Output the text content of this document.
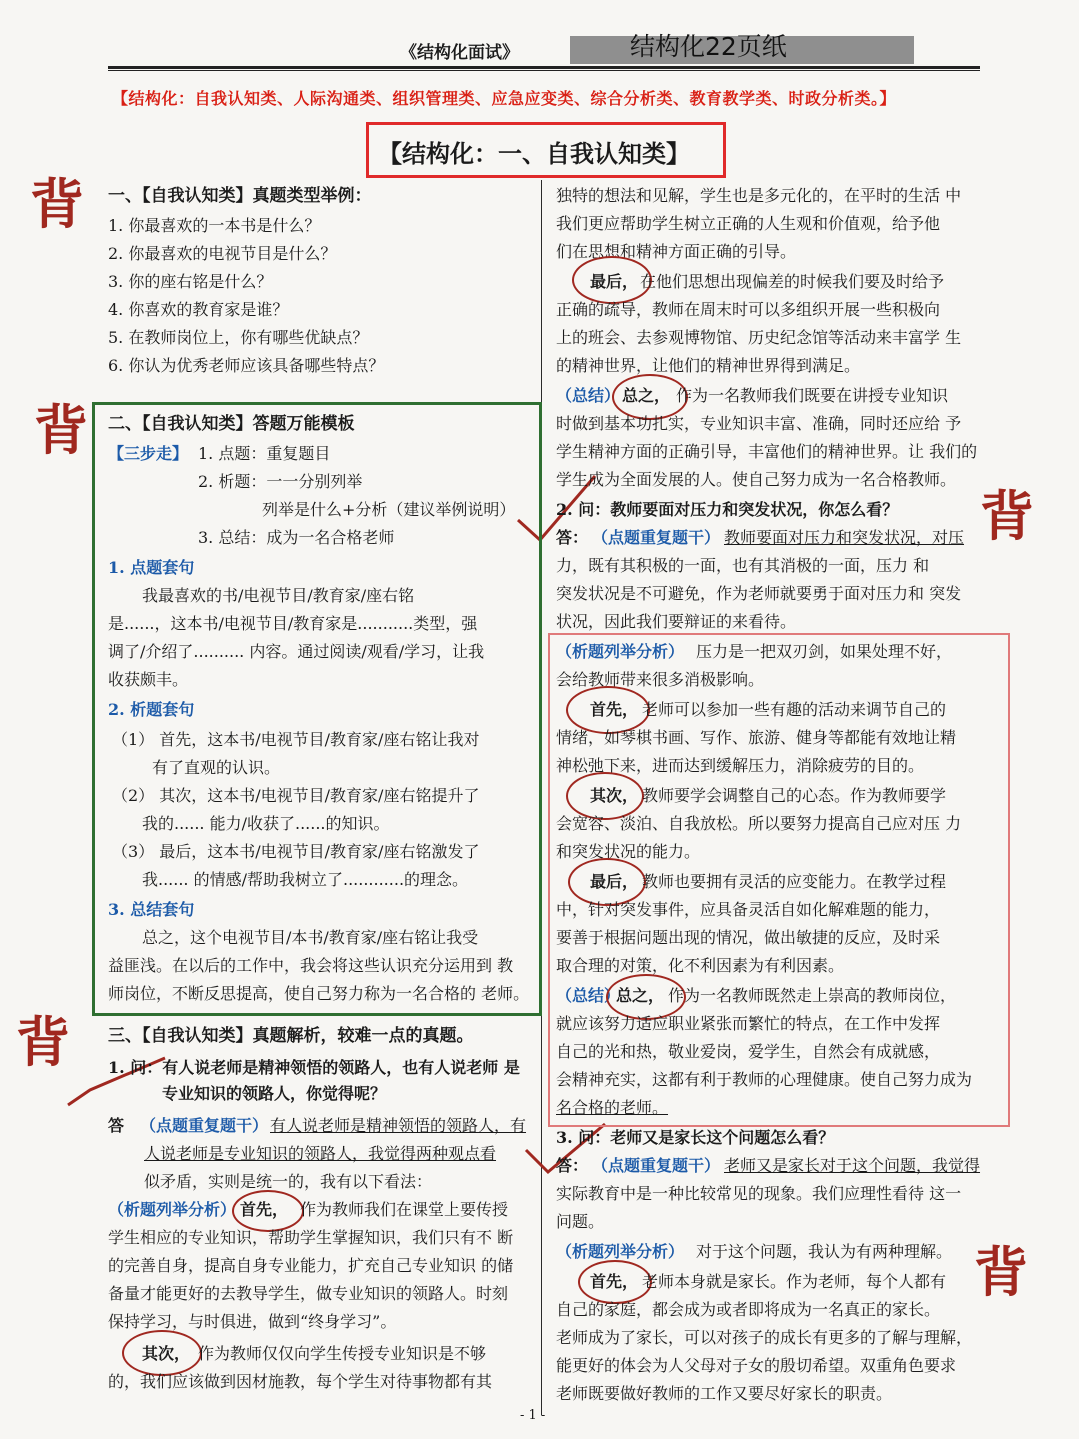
《结构化面试》	结构化22页纸
【结构化：自我认知类、人际沟通类、组织管理类、应急应变类、综合分析类、教育教学类、时政分析类。】
【结构化：一、自我认知类】
背
背
背
背
背
一、【自我认知类】真题类型举例：
1. 你最喜欢的一本书是什么？
2. 你最喜欢的电视节目是什么？
3. 你的座右铭是什么？
4. 你喜欢的教育家是谁？
5. 在教师岗位上，你有哪些优缺点？
6. 你认为优秀老师应该具备哪些特点？
二、【自我认知类】答题万能模板
【三步走】 1. 点题：重复题目
2. 析题：一一分别列举
列举是什么+分析（建议举例说明）
3. 总结：成为一名合格老师
1. 点题套句
我最喜欢的书/电视节目/教育家/座右铭
是......，这本书/电视节目/教育家是...........类型，强
调了/介绍了.......... 内容。通过阅读/观看/学习，让我
收获颇丰。
2. 析题套句
（1） 首先，这本书/电视节目/教育家/座右铭让我对
有了直观的认识。
（2） 其次，这本书/电视节目/教育家/座右铭提升了
我的...... 能力/收获了......的知识。
（3） 最后，这本书/电视节目/教育家/座右铭激发了
我...... 的情感/帮助我树立了............的理念。
3. 总结套句
总之，这个电视节目/本书/教育家/座右铭让我受
益匪浅。在以后的工作中，我会将这些认识充分运用到 教
师岗位，不断反思提高，使自己努力称为一名合格的 老师。
三、【自我认知类】真题解析，较难一点的真题。
1. 问：有人说老师是精神领悟的领路人，也有人说老师 是
专业知识的领路人，你觉得呢？
答 （点题重复题干） 有人说老师是精神领悟的领路人，有
人说老师是专业知识的领路人，我觉得两种观点看
似矛盾，实则是统一的，我有以下看法：
（析题列举分析） 首先， 作为教师我们在课堂上要传授
学生相应的专业知识，帮助学生掌握知识，我们只有不 断
的完善自身，提高自身专业能力，扩充自己专业知识 的储
备量才能更好的去教导学生，做专业知识的领路人。时刻
保持学习，与时俱进，做到“终身学习”。
其次， 作为教师仅仅向学生传授专业知识是不够
的，我们应该做到因材施教，每个学生对待事物都有其
独特的想法和见解，学生也是多元化的，在平时的生活 中
我们更应帮助学生树立正确的人生观和价值观，给予他
们在思想和精神方面正确的引导。
最后， 在他们思想出现偏差的时候我们要及时给予
正确的疏导，教师在周末时可以多组织开展一些积极向
上的班会、去参观博物馆、历史纪念馆等活动来丰富学 生
的精神世界，让他们的精神世界得到满足。
（总结） 总之， 作为一名教师我们既要在讲授专业知识
时做到基本功扎实，专业知识丰富、准确，同时还应给 予
学生精神方面的正确引导，丰富他们的精神世界。让 我们的
学生成为全面发展的人。使自己努力成为一名合格教师。
2. 问：教师要面对压力和突发状况，你怎么看？
答： （点题重复题干） 教师要面对压力和突发状况，对压
力，既有其积极的一面，也有其消极的一面，压力 和
突发状况是不可避免，作为老师就要勇于面对压力和 突发
状况，因此我们要辩证的来看待。
（析题列举分析） 压力是一把双刃剑，如果处理不好，
会给教师带来很多消极影响。
首先， 老师可以参加一些有趣的活动来调节自己的
情绪，如琴棋书画、写作、旅游、健身等都能有效地让精
神松弛下来，进而达到缓解压力，消除疲劳的目的。
其次， 教师要学会调整自己的心态。作为教师要学
会宽容、淡泊、自我放松。所以要努力提高自己应对压 力
和突发状况的能力。
最后， 教师也要拥有灵活的应变能力。在教学过程
中，针对突发事件，应具备灵活自如化解难题的能力，
要善于根据问题出现的情况，做出敏捷的反应，及时采
取合理的对策，化不利因素为有利因素。
（总结）
总之， 作为一名教师既然走上崇高的教师岗位，
就应该努力适应职业紧张而繁忙的特点，在工作中发挥
自己的光和热，敬业爱岗，爱学生，自然会有成就感，
会精神充实，这都有利于教师的心理健康。使自己努力成为
名合格的老师。
3. 问：老师又是家长这个问题怎么看？
答： （点题重复题干） 老师又是家长对于这个问题，我觉得
实际教育中是一种比较常见的现象。我们应理性看待 这一
问题。
（析题列举分析） 对于这个问题，我认为有两种理解。
首先， 老师本身就是家长。作为老师，每个人都有
自己的家庭，都会成为或者即将成为一名真正的家长。
老师成为了家长，可以对孩子的成长有更多的了解与理解，
能更好的体会为人父母对子女的殷切希望。双重角色要求
老师既要做好教师的工作又要尽好家长的职责。
- 1 -
